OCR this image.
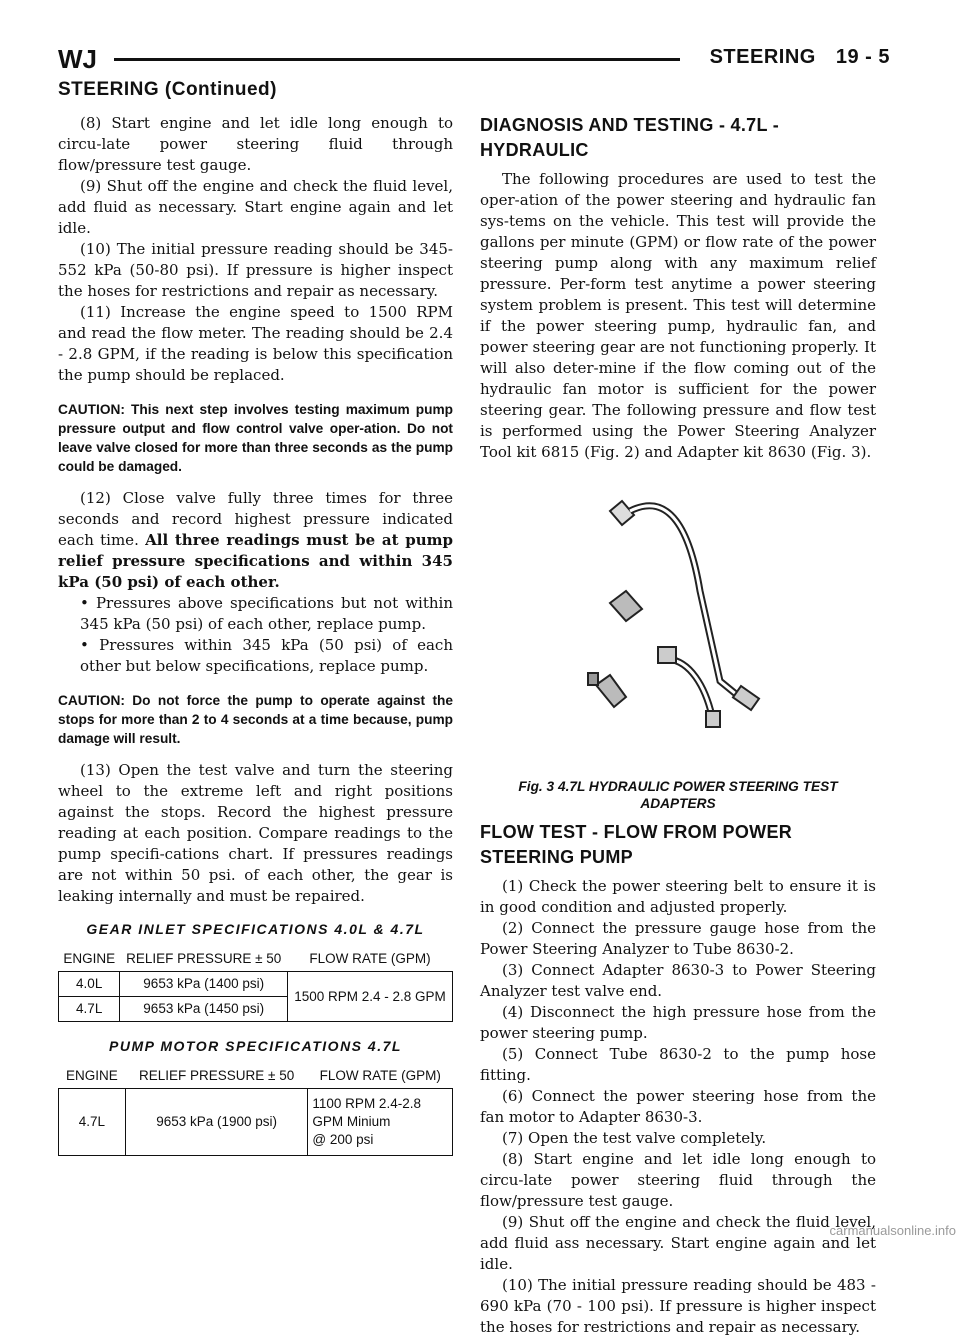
WJ	STEERING 19 - 5
STEERING (Continued)

(8) Start engine and let idle long enough to circu-late power steering fluid through flow/pressure test gauge.

(9) Shut off the engine and check the fluid level, add fluid as necessary. Start engine again and let idle.

(10) The initial pressure reading should be 345-552 kPa (50-80 psi). If pressure is higher inspect the hoses for restrictions and repair as necessary.

(11) Increase the engine speed to 1500 RPM and read the flow meter. The reading should be 2.4 - 2.8 GPM, if the reading is below this specification the pump should be replaced.

CAUTION: This next step involves testing maximum pump pressure output and flow control valve oper-ation. Do not leave valve closed for more than three seconds as the pump could be damaged.

(12) Close valve fully three times for three seconds and record highest pressure indicated each time. All three readings must be at pump relief pressure specifications and within 345 kPa (50 psi) of each other.

• Pressures above specifications but not within 345 kPa (50 psi) of each other, replace pump.

• Pressures within 345 kPa (50 psi) of each other but below specifications, replace pump.

CAUTION: Do not force the pump to operate against the stops for more than 2 to 4 seconds at a time because, pump damage will result.

(13) Open the test valve and turn the steering wheel to the extreme left and right positions against the stops. Record the highest pressure reading at each position. Compare readings to the pump specifi-cations chart. If pressures readings are not within 50 psi. of each other, the gear is leaking internally and must be repaired.

GEAR INLET SPECIFICATIONS 4.0L & 4.7L
ENGINE	RELIEF PRESSURE ± 50	FLOW RATE (GPM)
4.0L	9653 kPa (1400 psi)	1500 RPM 2.4 - 2.8 GPM
4.7L	9653 kPa (1450 psi)	
PUMP MOTOR SPECIFICATIONS 4.7L
ENGINE	RELIEF PRESSURE ± 50	FLOW RATE (GPM)
4.7L	9653 kPa (1900 psi)	1100 RPM 2.4-2.8
GPM Minium
@ 200 psi
DIAGNOSIS AND TESTING - 4.7L - HYDRAULIC

The following procedures are used to test the oper-ation of the power steering and hydraulic fan sys-tems on the vehicle. This test will provide the gallons per minute (GPM) or flow rate of the power steering pump along with any maximum relief pressure. Per-form test anytime a power steering system problem is present. This test will determine if the power steering pump, hydraulic fan, and power steering gear are not functioning properly. It will also deter-mine if the flow coming out of the hydraulic fan motor is sufficient for the power steering gear. The following pressure and flow test is performed using the Power Steering Analyzer Tool kit 6815 (Fig. 2) and Adapter kit 8630 (Fig. 3).

Fig. 3 4.7L HYDRAULIC POWER STEERING TEST ADAPTERS
FLOW TEST - FLOW FROM POWER STEERING PUMP

(1) Check the power steering belt to ensure it is in good condition and adjusted properly.

(2) Connect the pressure gauge hose from the Power Steering Analyzer to Tube 8630-2.

(3) Connect Adapter 8630-3 to Power Steering Analyzer test valve end.

(4) Disconnect the high pressure hose from the power steering pump.

(5) Connect Tube 8630-2 to the pump hose fitting.

(6) Connect the power steering hose from the fan motor to Adapter 8630-3.

(7) Open the test valve completely.

(8) Start engine and let idle long enough to circu-late power steering fluid through the flow/pressure test gauge.

(9) Shut off the engine and check the fluid level, add fluid ass necessary. Start engine again and let idle.

(10) The initial pressure reading should be 483 - 690 kPa (70 - 100 psi). If pressure is higher inspect the hoses for restrictions and repair as necessary.

carmanualsonline.info
